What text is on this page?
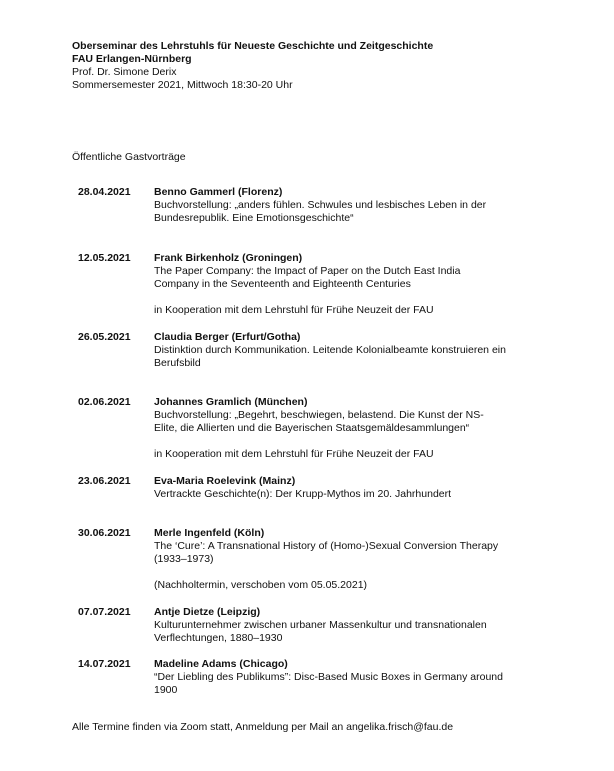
Oberseminar des Lehrstuhls für Neueste Geschichte und Zeitgeschichte
FAU Erlangen-Nürnberg
Prof. Dr. Simone Derix
Sommersemester 2021, Mittwoch 18:30-20 Uhr
Öffentliche Gastvorträge
28.04.2021	Benno Gammerl (Florenz)
Buchvorstellung: „anders fühlen. Schwules und lesbisches Leben in der
Bundesrepublik. Eine Emotionsgeschichte“
12.05.2021	Frank Birkenholz (Groningen)
The Paper Company: the Impact of Paper on the Dutch East India
Company in the Seventeenth and Eighteenth Centuries
in Kooperation mit dem Lehrstuhl für Frühe Neuzeit der FAU
26.05.2021	Claudia Berger (Erfurt/Gotha)
Distinktion durch Kommunikation. Leitende Kolonialbeamte konstruieren ein
Berufsbild
02.06.2021	Johannes Gramlich (München)
Buchvorstellung: „Begehrt, beschwiegen, belastend. Die Kunst der NS-
Elite, die Allierten und die Bayerischen Staatsgemäldesammlungen“
in Kooperation mit dem Lehrstuhl für Frühe Neuzeit der FAU
23.06.2021	Eva-Maria Roelevink (Mainz)
Vertrackte Geschichte(n): Der Krupp-Mythos im 20. Jahrhundert
30.06.2021	Merle Ingenfeld (Köln)
The ‘Cure’: A Transnational History of (Homo-)Sexual Conversion Therapy
(1933–1973)
(Nachholtermin, verschoben vom 05.05.2021)
07.07.2021	Antje Dietze (Leipzig)
Kulturunternehmer zwischen urbaner Massenkultur und transnationalen
Verflechtungen, 1880–1930
14.07.2021	Madeline Adams (Chicago)
“Der Liebling des Publikums”: Disc-Based Music Boxes in Germany around
1900
Alle Termine finden via Zoom statt, Anmeldung per Mail an angelika.frisch@fau.de
